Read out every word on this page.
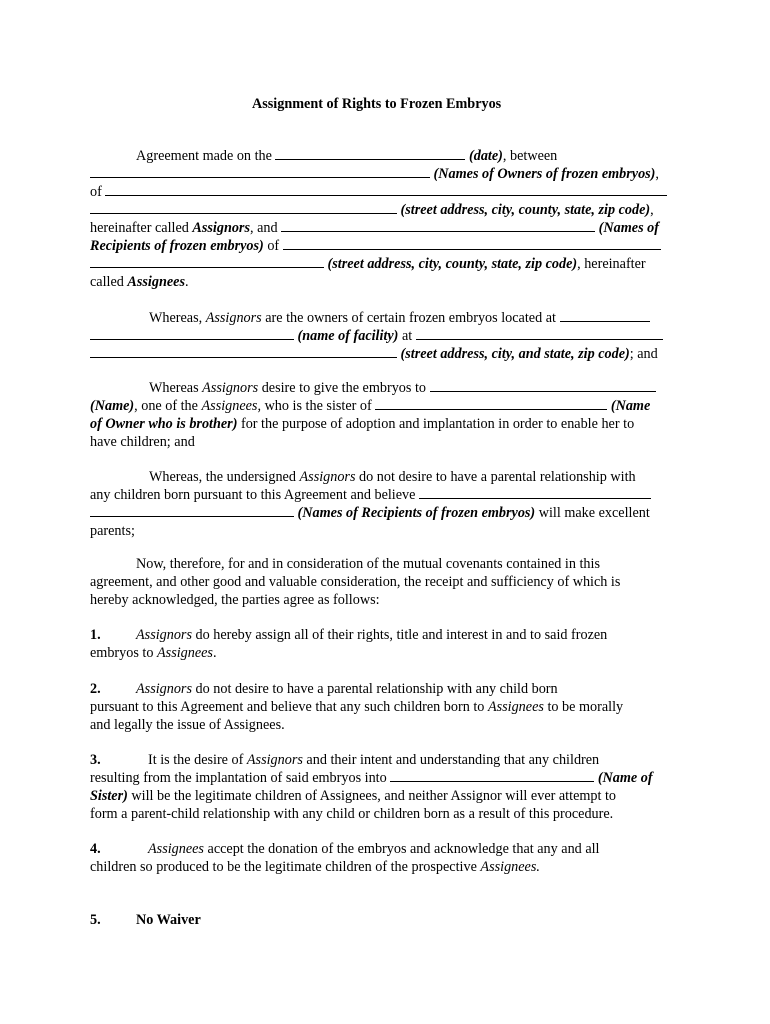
Assignment of Rights to Frozen Embryos
Agreement made on the	(date), between
(Names of Owners of frozen embryos),
of
(street address, city, county, state, zip code),
hereinafter called Assignors, and	(Names of
Recipients of frozen embryos) of
(street address, city, county, state, zip code), hereinafter
called Assignees.
Whereas, Assignors are the owners of certain frozen embryos located at
(name of facility) at
(street address, city, and state, zip code); and
Whereas Assignors desire to give the embryos to
(Name), one of the Assignees, who is the sister of	(Name
of Owner who is brother) for the purpose of adoption and implantation in order to enable her to
have children; and
Whereas, the undersigned Assignors do not desire to have a parental relationship with
any children born pursuant to this Agreement and believe
(Names of Recipients of frozen embryos) will make excellent
parents;
Now, therefore, for and in consideration of the mutual covenants contained in this
agreement, and other good and valuable consideration, the receipt and sufficiency of which is
hereby acknowledged, the parties agree as follows:
1. Assignors do hereby assign all of their rights, title and interest in and to said frozen
embryos to Assignees.
2. Assignors do not desire to have a parental relationship with any child born
pursuant to this Agreement and believe that any such children born to Assignees to be morally
and legally the issue of Assignees.
3.	It is the desire of Assignors and their intent and understanding that any children
resulting from the implantation of said embryos into	(Name of
Sister) will be the legitimate children of Assignees, and neither Assignor will ever attempt to
form a parent-child relationship with any child or children born as a result of this procedure.
4.	Assignees accept the donation of the embryos and acknowledge that any and all
children so produced to be the legitimate children of the prospective Assignees.
5. No Waiver
